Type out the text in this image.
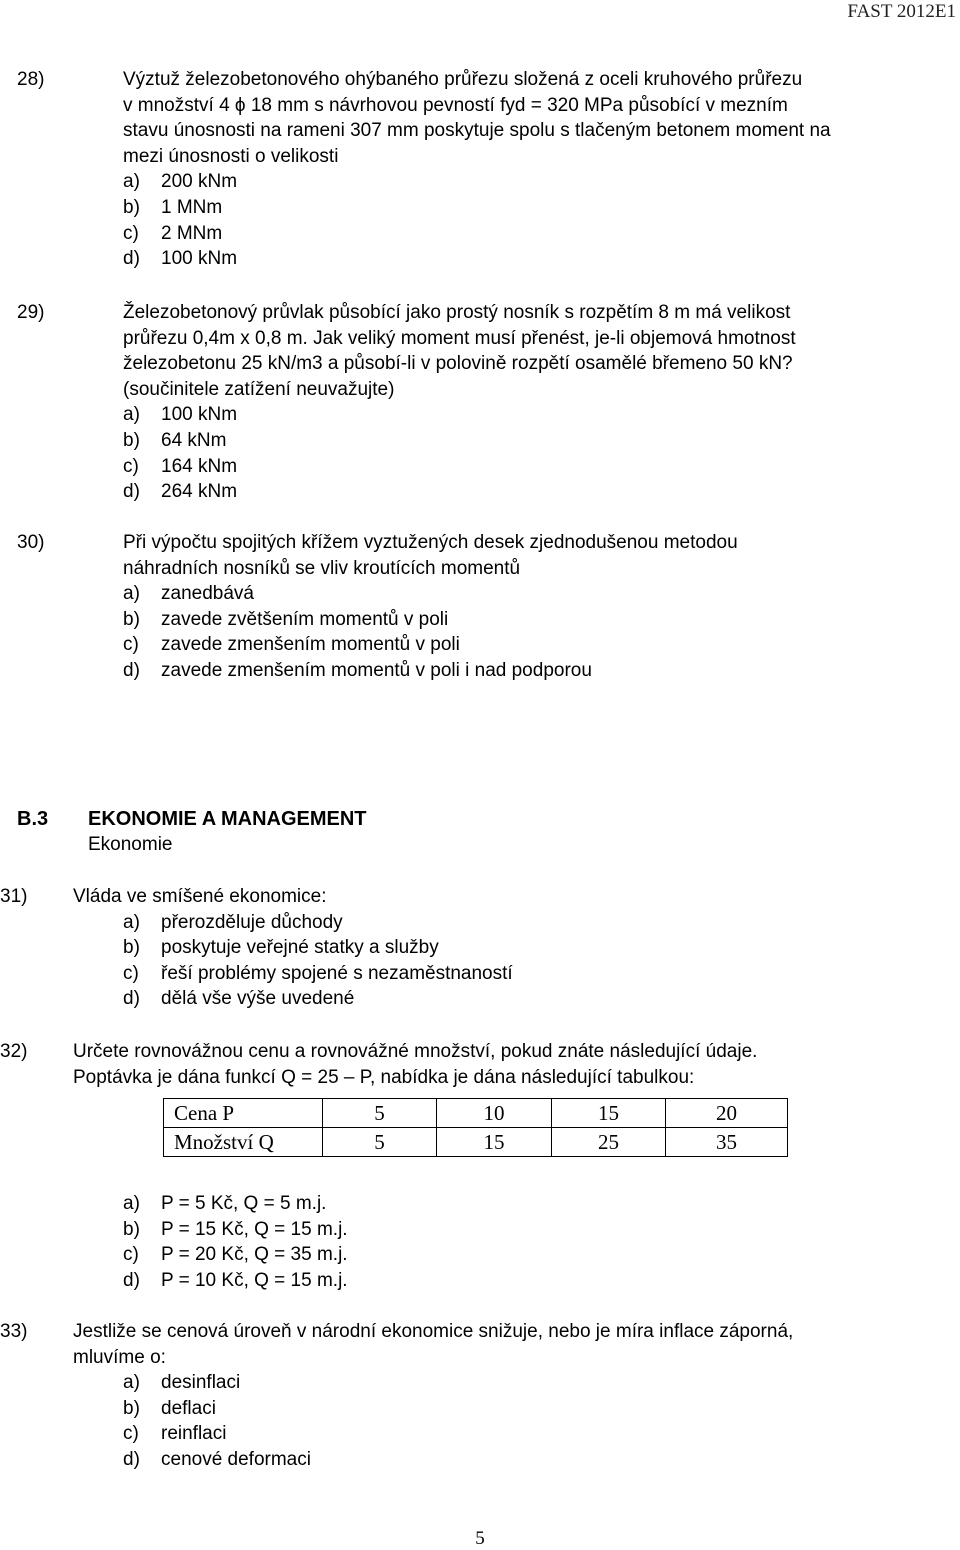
FAST 2012E1
28)	Výztuž železobetonového ohýbaného průřezu složená z oceli kruhového průřezu
v množství 4 ϕ 18 mm s návrhovou pevností fyd = 320 MPa působící v mezním
stavu únosnosti na rameni 307 mm poskytuje spolu s tlačeným betonem moment na
mezi únosnosti o velikosti
a) 200 kNm
b) 1 MNm
c) 2 MNm
d) 100 kNm
29)	Železobetonový průvlak působící jako prostý nosník s rozpětím 8 m má velikost
průřezu 0,4m x 0,8 m. Jak veliký moment musí přenést, je-li objemová hmotnost
železobetonu 25 kN/m3 a působí-li v polovině rozpětí osamělé břemeno 50 kN?
(součinitele zatížení neuvažujte)
a) 100 kNm
b) 64 kNm
c) 164 kNm
d) 264 kNm
30)	Při výpočtu spojitých křížem vyztužených desek zjednodušenou metodou
náhradních nosníků se vliv kroutících momentů
a) zanedbává
b) zavede zvětšením momentů v poli
c) zavede zmenšením momentů v poli
d) zavede zmenšením momentů v poli i nad podporou
B.3 EKONOMIE A MANAGEMENT
Ekonomie
31) Vláda ve smíšené ekonomice:
a) přerozděluje důchody
b) poskytuje veřejné statky a služby
c) řeší problémy spojené s nezaměstnaností
d) dělá vše výše uvedené
32) Určete rovnovážnou cenu a rovnovážné množství, pokud znáte následující údaje.
Poptávka je dána funkcí Q = 25 – P, nabídka je dána následující tabulkou:
Cena P	5	10	15	20
Množství Q	5	15	25	35
a) P = 5 Kč, Q = 5 m.j.
b) P = 15 Kč, Q = 15 m.j.
c) P = 20 Kč, Q = 35 m.j.
d) P = 10 Kč, Q = 15 m.j.
33) Jestliže se cenová úroveň v národní ekonomice snižuje, nebo je míra inflace záporná,
mluvíme o:
a) desinflaci
b) deflaci
c) reinflaci
d) cenové deformaci
5
